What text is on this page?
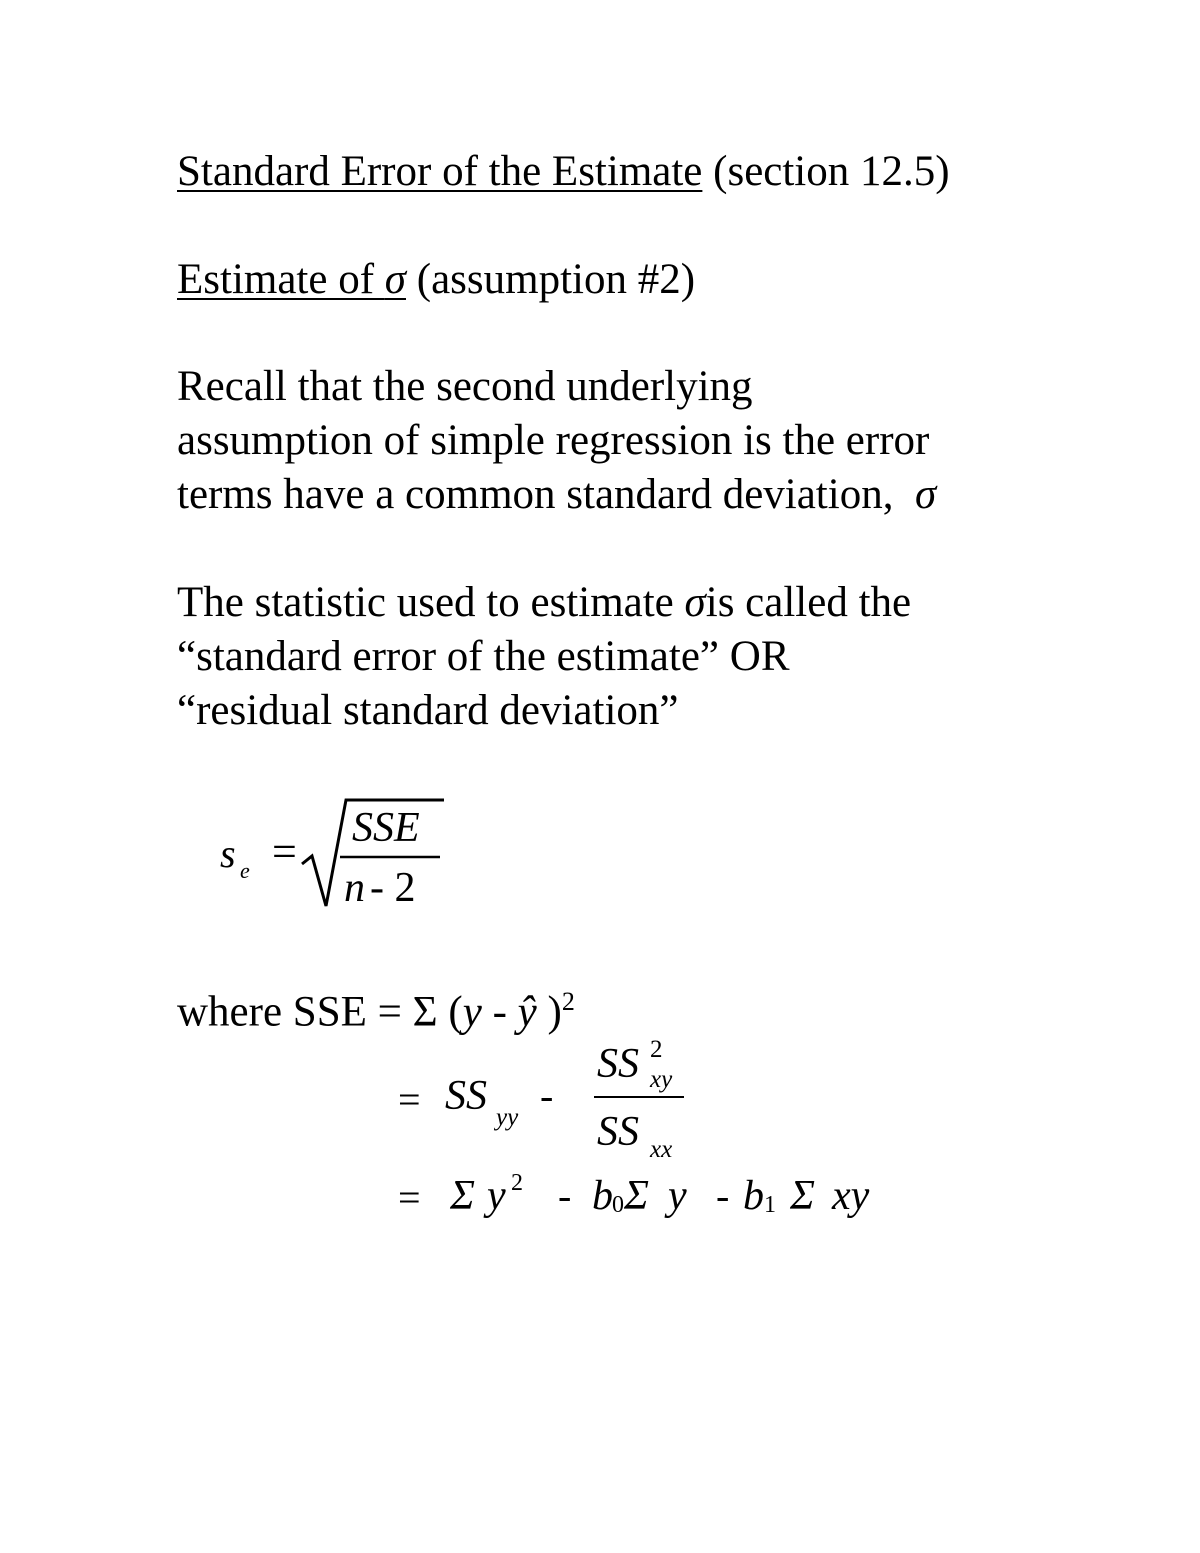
Standard Error of the Estimate (section 12.5)
Estimate of σ (assumption #2)
Recall that the second underlying
assumption of simple regression is the error
terms have a common standard deviation,  σ
The statistic used to estimate σis called the
“standard error of the estimate” OR
“residual standard deviation”
s e = SSE
n - 2
where SSE = Σ (y - ŷ )$^2$
= SS yy -
SS xy
2
SS xx
= Σ y 2 - b 0 Σ y - b 1 Σ xy
